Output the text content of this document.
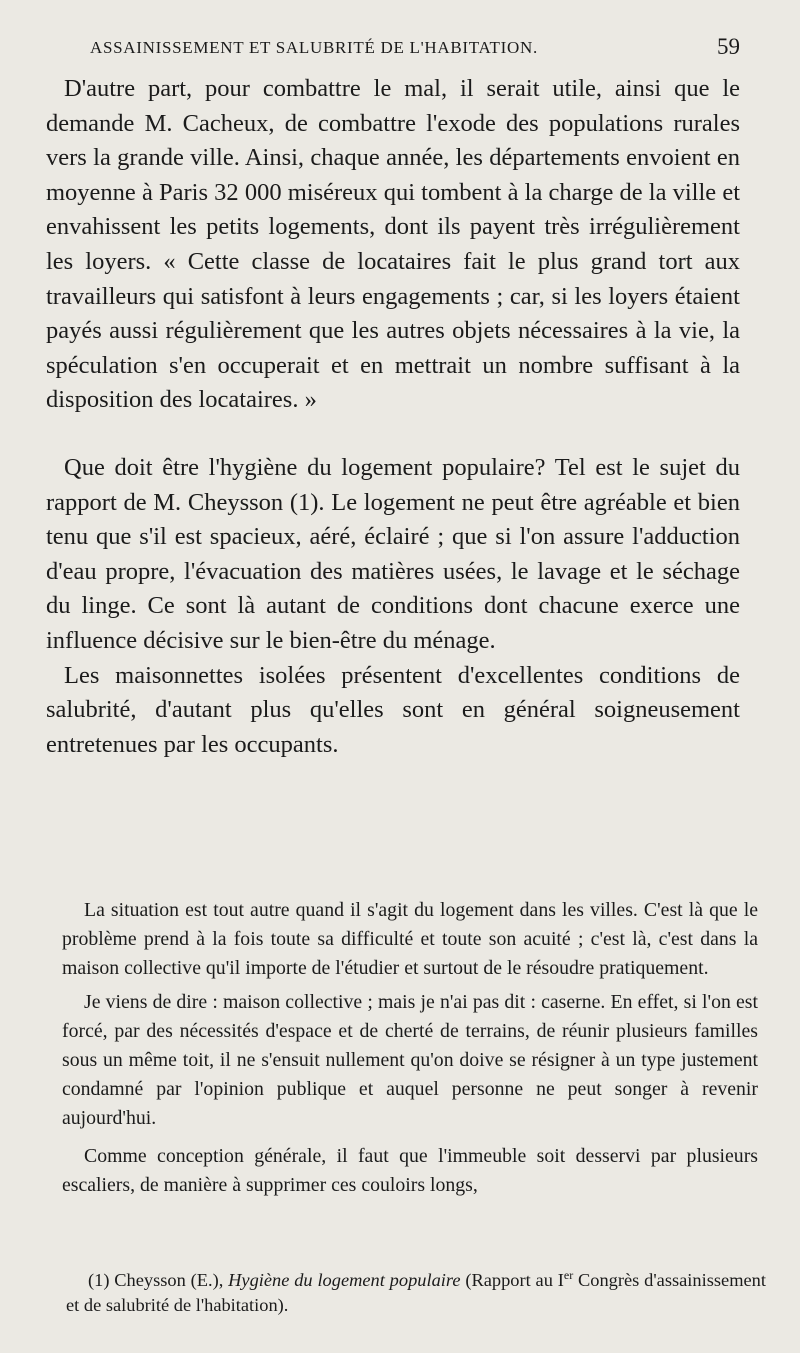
ASSAINISSEMENT ET SALUBRITÉ DE L'HABITATION.	59

D'autre part, pour combattre le mal, il serait utile, ainsi que le demande M. Cacheux, de combattre l'exode des populations rurales vers la grande ville. Ainsi, chaque année, les départements envoient en moyenne à Paris 32 000 miséreux qui tombent à la charge de la ville et envahissent les petits logements, dont ils payent très irrégulièrement les loyers. « Cette classe de locataires fait le plus grand tort aux travailleurs qui satisfont à leurs engagements ; car, si les loyers étaient payés aussi régulièrement que les autres objets nécessaires à la vie, la spéculation s'en occuperait et en mettrait un nombre suffisant à la disposition des locataires. »

Que doit être l'hygiène du logement populaire? Tel est le sujet du rapport de M. Cheysson (1). Le logement ne peut être agréable et bien tenu que s'il est spacieux, aéré, éclairé ; que si l'on assure l'adduction d'eau propre, l'évacuation des matières usées, le lavage et le séchage du linge. Ce sont là autant de conditions dont chacune exerce une influence décisive sur le bien-être du ménage.

Les maisonnettes isolées présentent d'excellentes conditions de salubrité, d'autant plus qu'elles sont en général soigneusement entretenues par les occupants.

La situation est tout autre quand il s'agit du logement dans les villes. C'est là que le problème prend à la fois toute sa difficulté et toute son acuité ; c'est là, c'est dans la maison collective qu'il importe de l'étudier et surtout de le résoudre pratiquement.

Je viens de dire : maison collective ; mais je n'ai pas dit : caserne. En effet, si l'on est forcé, par des nécessités d'espace et de cherté de terrains, de réunir plusieurs familles sous un même toit, il ne s'ensuit nullement qu'on doive se résigner à un type justement condamné par l'opinion publique et auquel personne ne peut songer à revenir aujourd'hui.

Comme conception générale, il faut que l'immeuble soit desservi par plusieurs escaliers, de manière à supprimer ces couloirs longs,

(1) Cheysson (E.), Hygiène du logement populaire (Rapport au Ier Congrès d'assainissement et de salubrité de l'habitation).
